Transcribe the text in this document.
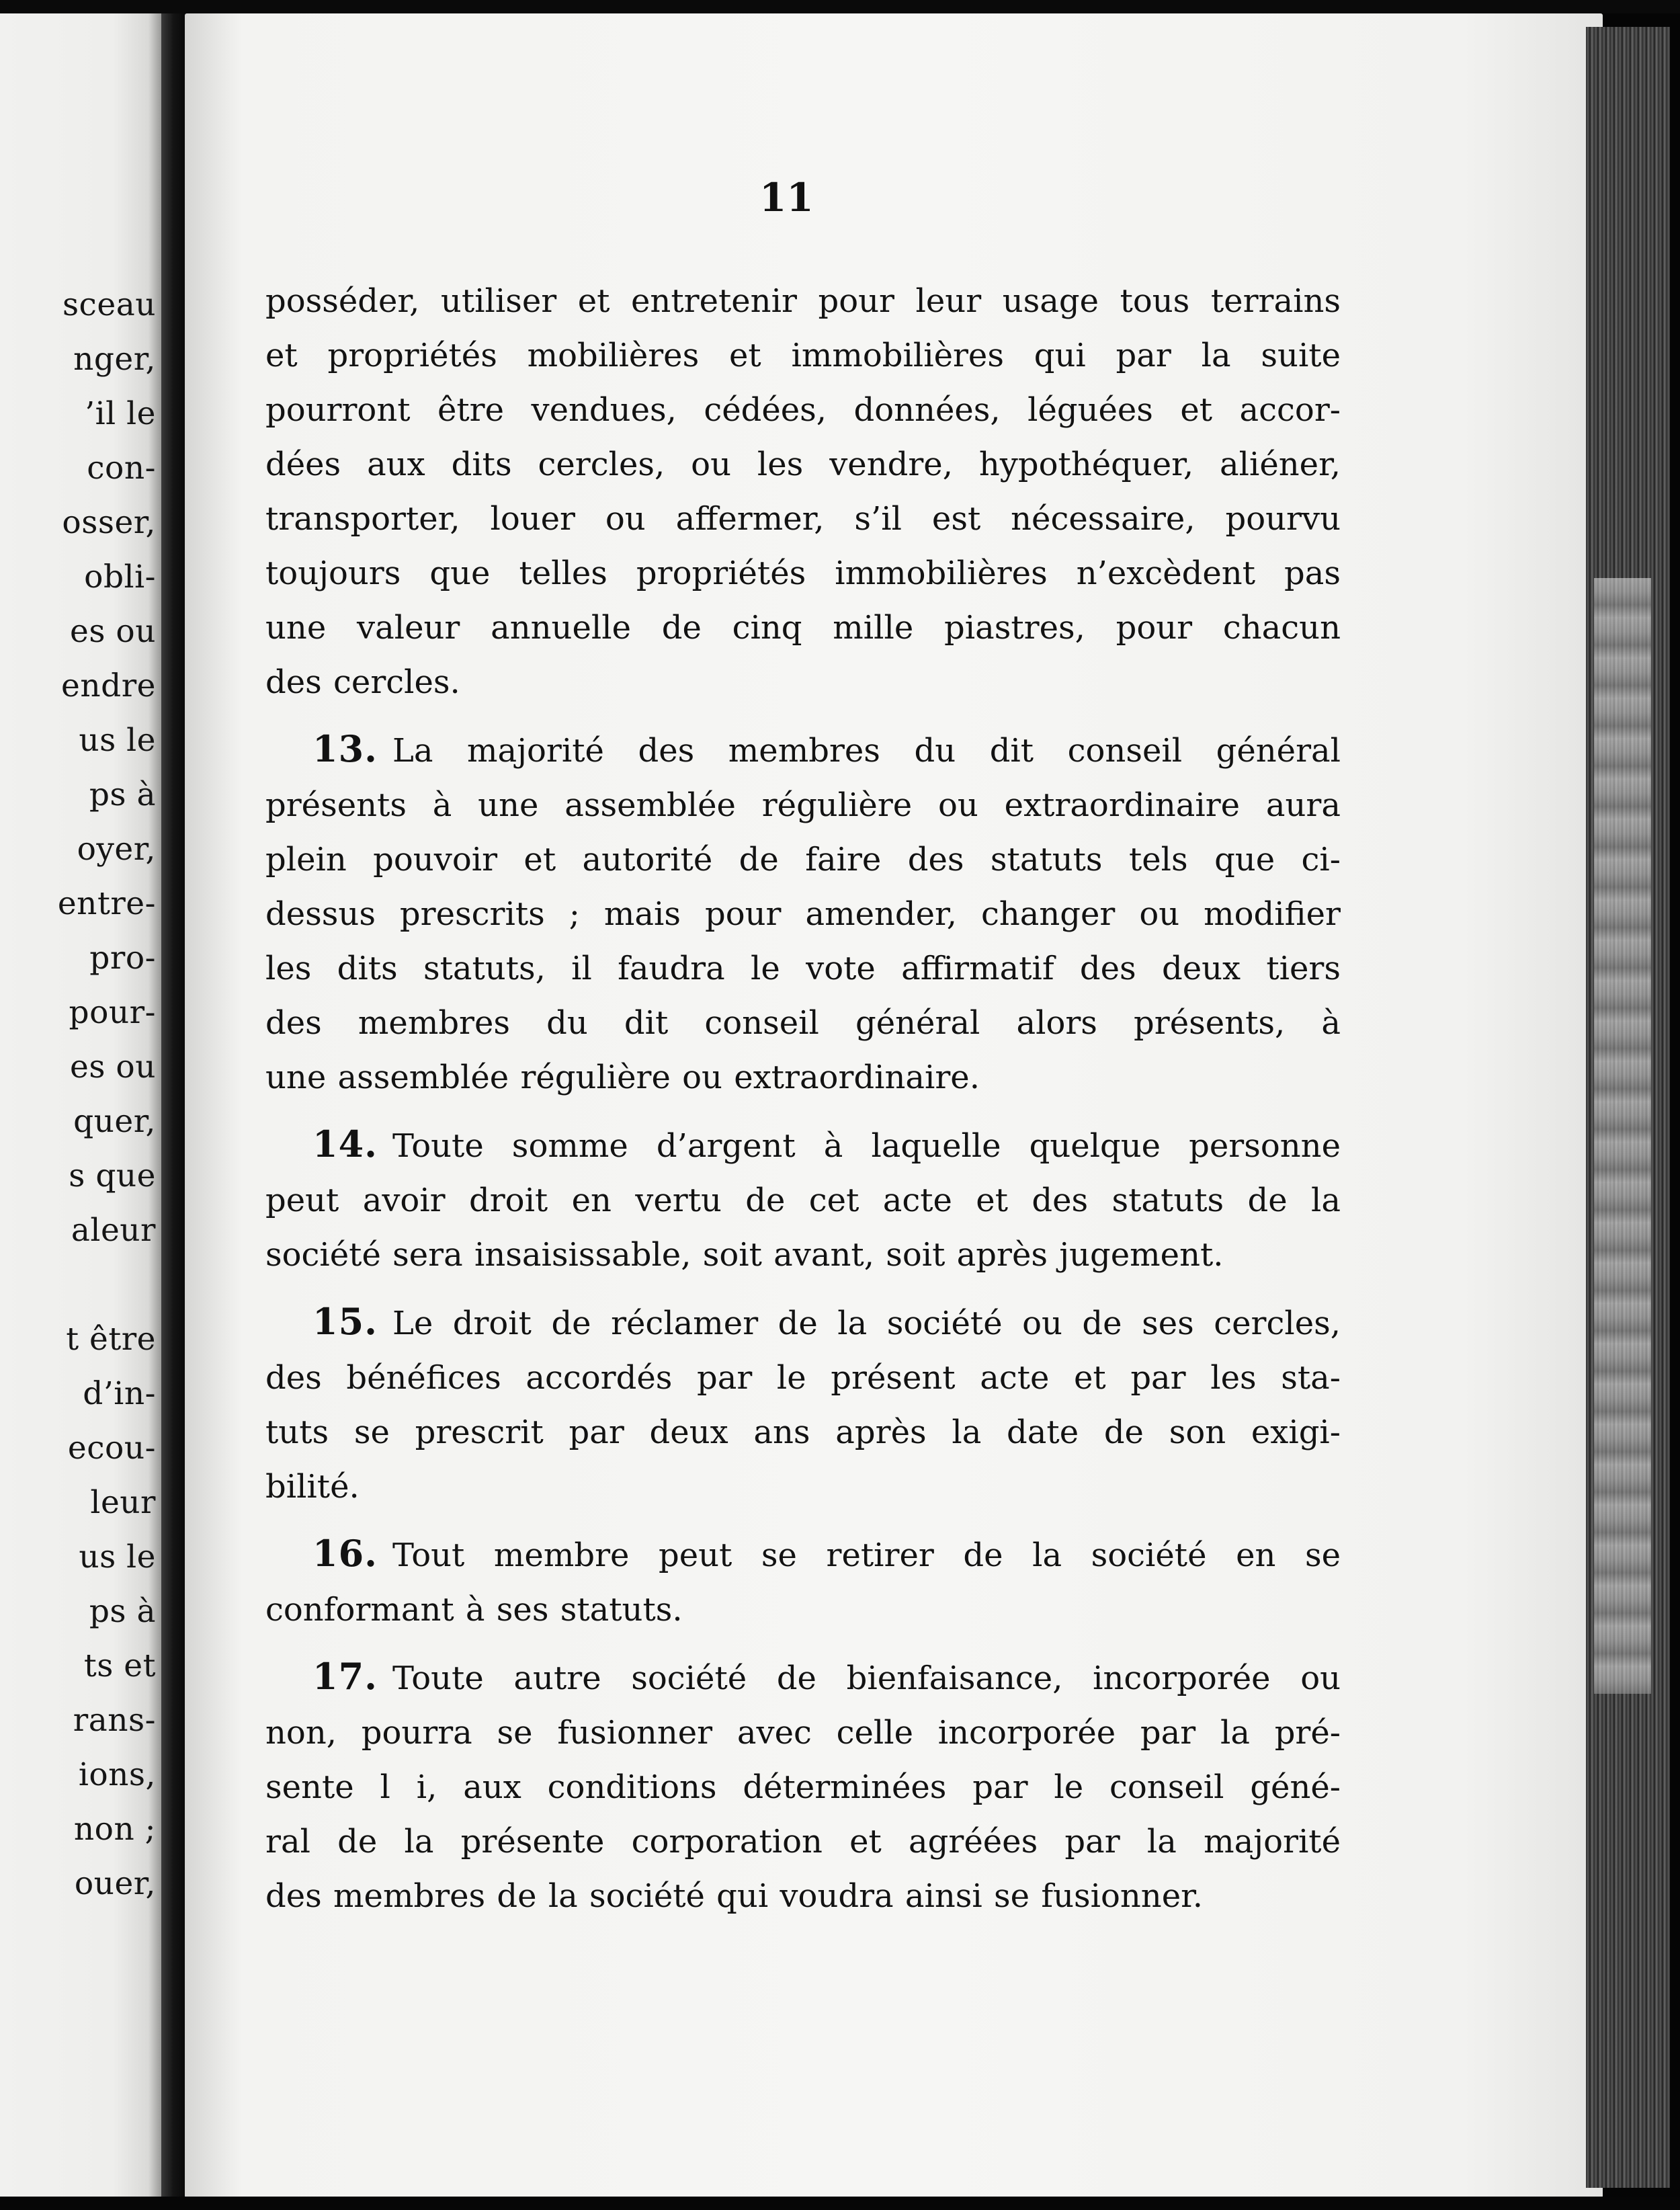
sceau
nger,
’il le
con-
osser,
obli-
es ou
endre
us le
ps à
oyer,
entre-
pro-
pour-
es ou
quer,
s que
aleur
t être
d’in-
ecou-
leur
us le
ps à
ts et
rans-
ions,
non ;
ouer,
11
posséder, utiliser et entretenir pour leur usage tous terrains
et propriétés mobilières et immobilières qui par la suite
pourront être vendues, cédées, données, léguées et accor-
dées aux dits cercles, ou les vendre, hypothéquer, aliéner,
transporter, louer ou affermer, s’il est nécessaire, pourvu
toujours que telles propriétés immobilières n’excèdent pas
une valeur annuelle de cinq mille piastres, pour chacun
des cercles.
13. La majorité des membres du dit conseil général
présents à une assemblée régulière ou extraordinaire aura
plein pouvoir et autorité de faire des statuts tels que ci-
dessus prescrits ; mais pour amender, changer ou modifier
les dits statuts, il faudra le vote affirmatif des deux tiers
des membres du dit conseil général alors présents, à
une assemblée régulière ou extraordinaire.
14. Toute somme d’argent à laquelle quelque personne
peut avoir droit en vertu de cet acte et des statuts de la
société sera insaisissable, soit avant, soit après jugement.
15. Le droit de réclamer de la société ou de ses cercles,
des bénéfices accordés par le présent acte et par les sta-
tuts se prescrit par deux ans après la date de son exigi-
bilité.
16. Tout membre peut se retirer de la société en se
conformant à ses statuts.
17. Toute autre société de bienfaisance, incorporée ou
non, pourra se fusionner avec celle incorporée par la pré-
sente l i, aux conditions déterminées par le conseil géné-
ral de la présente corporation et agréées par la majorité
des membres de la société qui voudra ainsi se fusionner.
